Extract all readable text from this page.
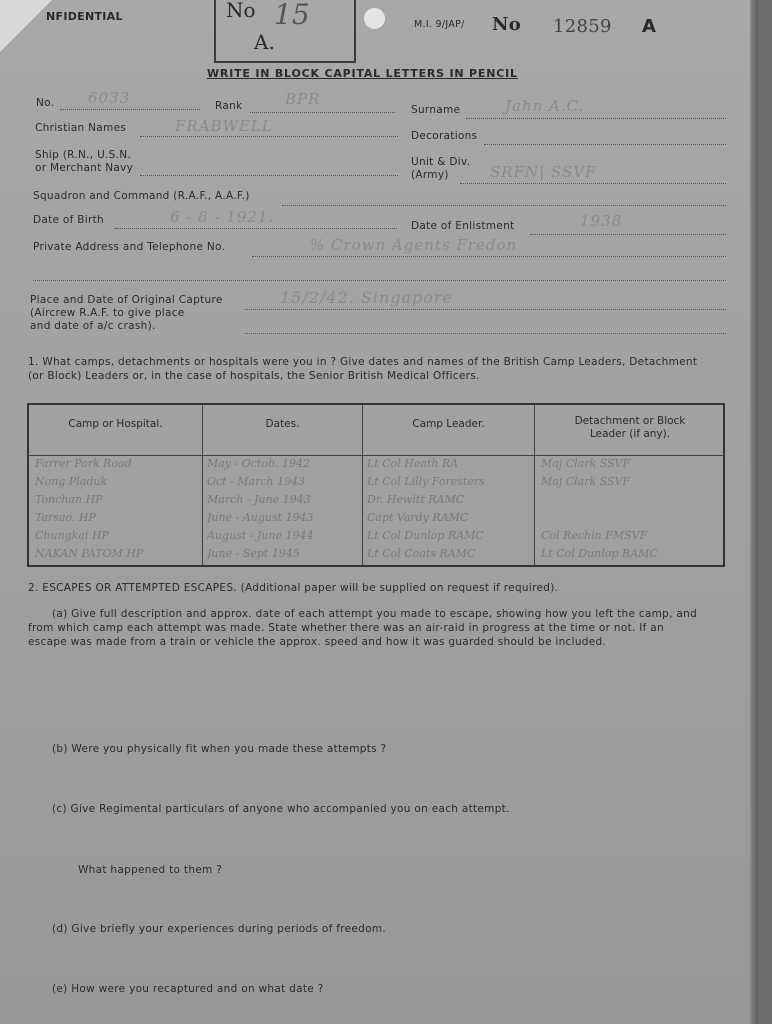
NFIDENTIAL	No 15
A.
M.I. 9/JAP/ No 12859 A
WRITE IN BLOCK CAPITAL LETTERS IN PENCIL
No. 6033	Rank	BPR
Surname	Jahn A.C.
Christian Names	FRABWELL
Decorations
Ship (R.N., U.S.N.
or Merchant Navy	Unit & Div.
(Army)	SRFN| SSVF
Squadron and Command (R.A.F., A.A.F.)
Date of Birth	6 - 8 - 1921.	Date of Enlistment	1938
Private Address and Telephone No.	% Crown Agents Fredon
Place and Date of Original Capture
(Aircrew R.A.F. to give place
and date of a/c crash).
15/2/42. Singapore
1. What camps, detachments or hospitals were you in ? Give dates and names of the British Camp Leaders, Detachment
(or Block) Leaders or, in the case of hospitals, the Senior British Medical Officers.
Camp or Hospital.	Dates.	Camp Leader.	Detachment or Block Leader (if any).
Farrer Park Road	May - Octob. 1942	Lt Col Heath RA	Maj Clark SSVF
Nong Pladuk	Oct - March 1943	Lt Col Lilly Foresters	Maj Clark SSVF
Tonchan HP	March - June 1943	Dr. Hewitt RAMC
Tarsao. HP	June - August 1943	Capt Vardy RAMC
Chungkai HP	August - June 1944	Lt Col Dunlop RAMC	Col Rechin FMSVF
NAKAN PATOM HP	June - Sept 1945	Lt Col Coats RAMC	Lt Col Dunlop RAMC
2. ESCAPES OR ATTEMPTED ESCAPES. (Additional paper will be supplied on request if required).
(a) Give full description and approx. date of each attempt you made to escape, showing how you left the camp, and
from which camp each attempt was made. State whether there was an air-raid in progress at the time or not. If an
escape was made from a train or vehicle the approx. speed and how it was guarded should be included.
(b) Were you physically fit when you made these attempts ?
(c) Give Regimental particulars of anyone who accompanied you on each attempt.
What happened to them ?
(d) Give briefly your experiences during periods of freedom.
(e) How were you recaptured and on what date ?
